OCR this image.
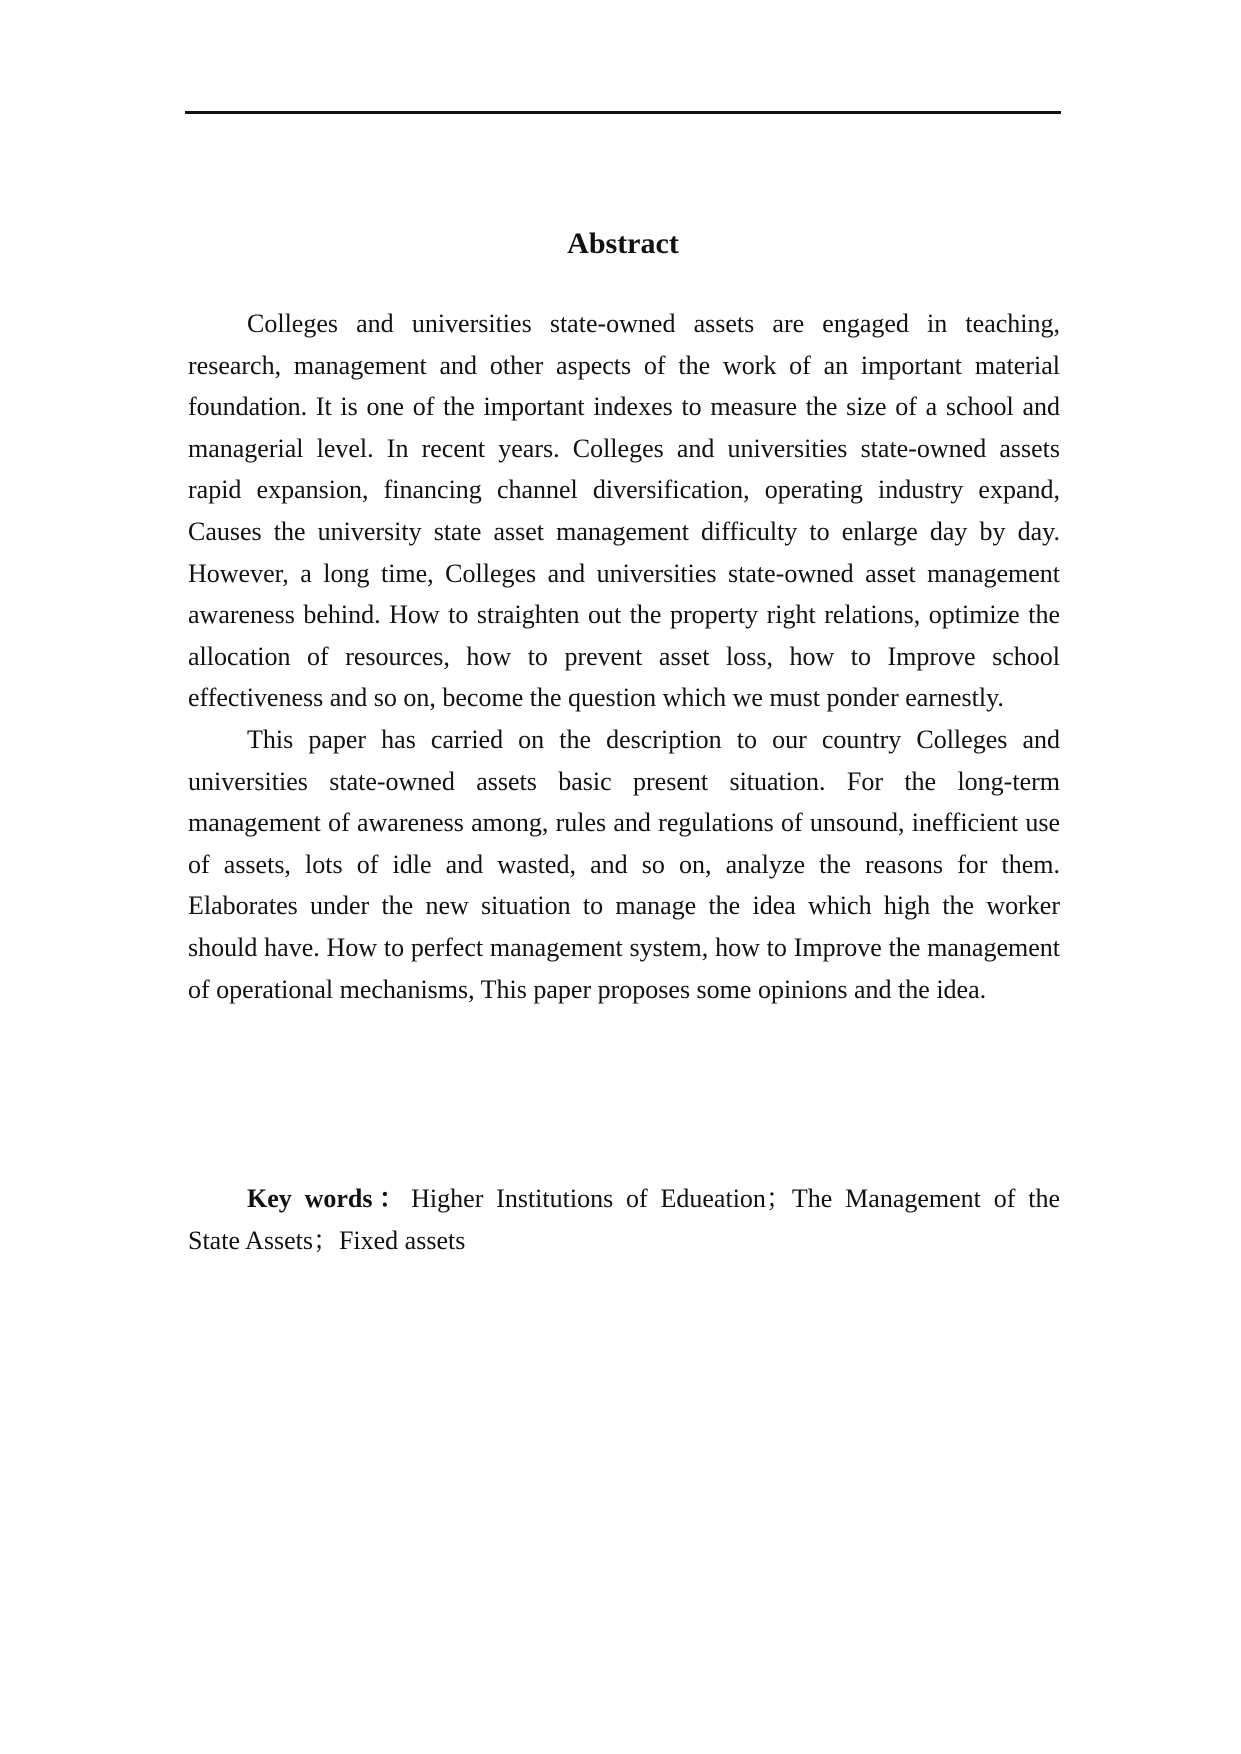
Abstract

Colleges and universities state-owned assets are engaged in teaching, research, management and other aspects of the work of an important material foundation. It is one of the important indexes to measure the size of a school and managerial level. In recent years. Colleges and universities state-owned assets rapid expansion, financing channel diversification, operating industry expand, Causes the university state asset management difficulty to enlarge day by day. However, a long time, Colleges and universities state-owned asset management awareness behind. How to straighten out the property right relations, optimize the allocation of resources, how to prevent asset loss, how to Improve school effectiveness and so on, become the question which we must ponder earnestly.

This paper has carried on the description to our country Colleges and universities state-owned assets basic present situation. For the long-term management of awareness among, rules and regulations of unsound, inefficient use of assets, lots of idle and wasted, and so on, analyze the reasons for them. Elaborates under the new situation to manage the idea which high the worker should have. How to perfect management system, how to Improve the management of operational mechanisms, This paper proposes some opinions and the idea.

Key words：Higher Institutions of Edueation；The Management of the State Assets；Fixed assets
